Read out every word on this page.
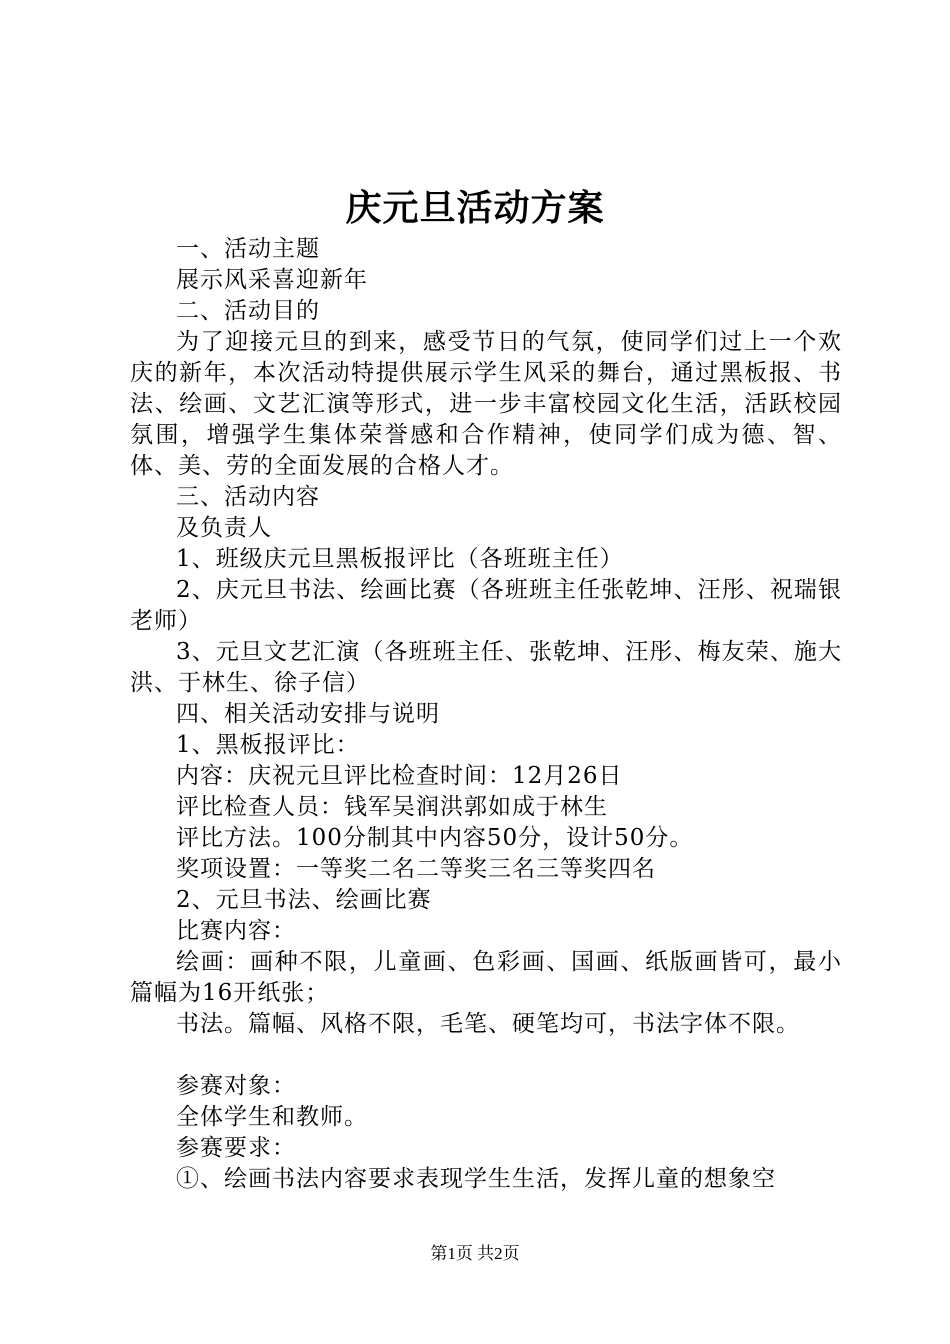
庆元旦活动方案

一、活动主题

展示风采喜迎新年

二、活动目的

为了迎接元旦的到来，感受节日的气氛，使同学们过上一个欢庆的新年，本次活动特提供展示学生风采的舞台，通过黑板报、书法、绘画、文艺汇演等形式，进一步丰富校园文化生活，活跃校园氛围，增强学生集体荣誉感和合作精神，使同学们成为德、智、体、美、劳的全面发展的合格人才。

三、活动内容

及负责人

1、班级庆元旦黑板报评比（各班班主任）

2、庆元旦书法、绘画比赛（各班班主任张乾坤、汪彤、祝瑞银老师）

3、元旦文艺汇演（各班班主任、张乾坤、汪彤、梅友荣、施大洪、于林生、徐子信）

四、相关活动安排与说明

1、黑板报评比：

内容：庆祝元旦评比检查时间：12月26日

评比检查人员：钱军吴润洪郭如成于林生

评比方法。100分制其中内容50分，设计50分。

奖项设置：一等奖二名二等奖三名三等奖四名

2、元旦书法、绘画比赛

比赛内容：

绘画：画种不限，儿童画、色彩画、国画、纸版画皆可，最小篇幅为16开纸张；

书法。篇幅、风格不限，毛笔、硬笔均可，书法字体不限。

参赛对象：

全体学生和教师。

参赛要求：

①、绘画书法内容要求表现学生生活，发挥儿童的想象空

第1页 共2页
